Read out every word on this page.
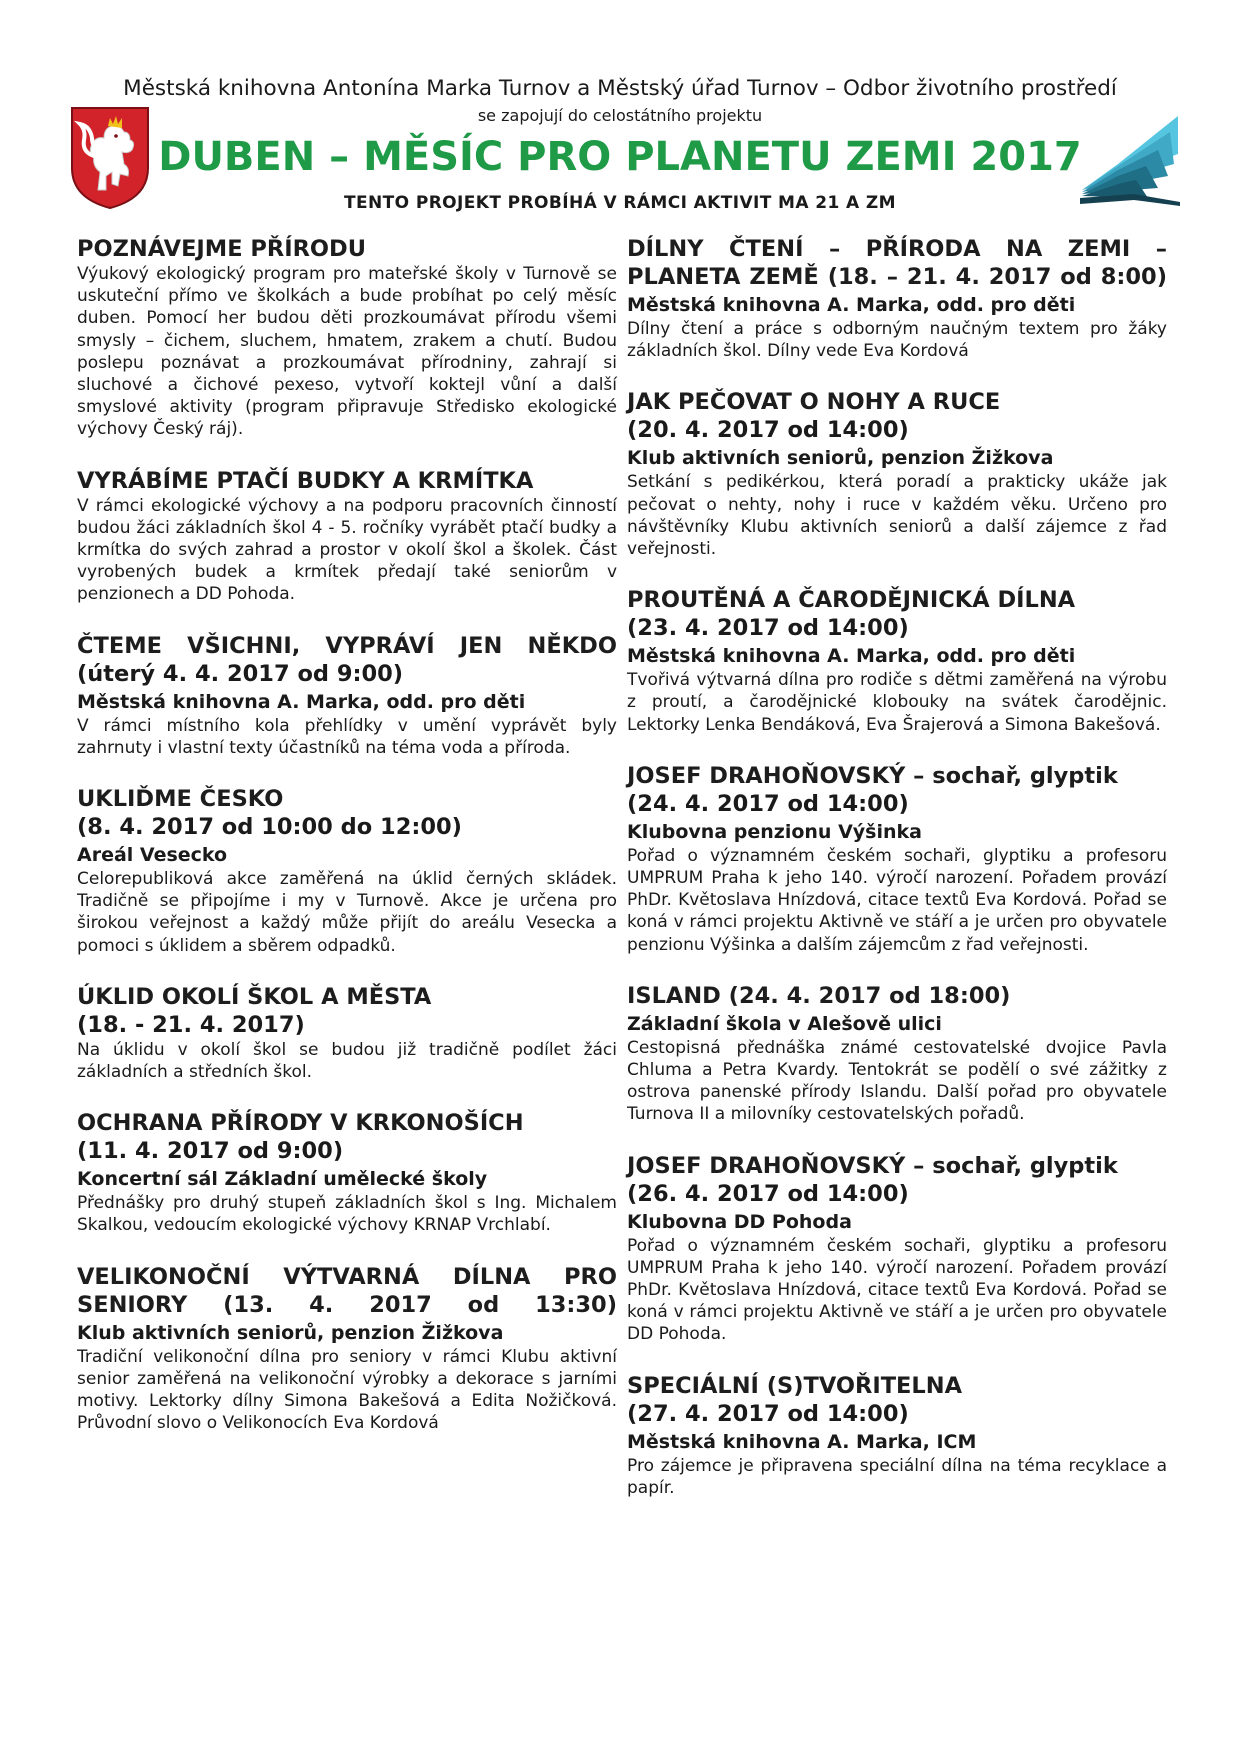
Městská knihovna Antonína Marka Turnov a Městský úřad Turnov – Odbor životního prostředí
se zapojují do celostátního projektu
DUBEN – MĚSÍC PRO PLANETU ZEMI 2017
TENTO PROJEKT PROBÍHÁ V RÁMCI AKTIVIT MA 21 A ZM
POZNÁVEJME PŘÍRODU
Výukový ekologický program pro mateřské školy v Turnově se uskuteční přímo ve školkách a bude probíhat po celý měsíc duben. Pomocí her budou děti prozkoumávat přírodu všemi smysly – čichem, sluchem, hmatem, zrakem a chutí. Budou poslepu poznávat a prozkoumávat přírodniny, zahrají si sluchové a čichové pexeso, vytvoří koktejl vůní a další smyslové aktivity (program připravuje Středisko ekologické výchovy Český ráj).
VYRÁBÍME PTAČÍ BUDKY A KRMÍTKA
V rámci ekologické výchovy a na podporu pracovních činností budou žáci základních škol 4 - 5. ročníky vyrábět ptačí budky a krmítka do svých zahrad a prostor v okolí škol a školek. Část vyrobených budek a krmítek předají také seniorům v penzionech a DD Pohoda.
ČTEME VŠICHNI, VYPRÁVÍ JEN NĚKDO
(úterý 4. 4. 2017 od 9:00)
Městská knihovna A. Marka, odd. pro děti
V rámci místního kola přehlídky v umění vyprávět byly zahrnuty i vlastní texty účastníků na téma voda a příroda.
UKLIĎME ČESKO
(8. 4. 2017 od 10:00 do 12:00)
Areál Vesecko
Celorepubliková akce zaměřená na úklid černých skládek. Tradičně se připojíme i my v Turnově. Akce je určena pro širokou veřejnost a každý může přijít do areálu Vesecka a pomoci s úklidem a sběrem odpadků.
ÚKLID OKOLÍ ŠKOL A MĚSTA
(18. - 21. 4. 2017)
Na úklidu v okolí škol se budou již tradičně podílet žáci základních a středních škol.
OCHRANA PŘÍRODY V KRKONOŠÍCH
(11. 4. 2017 od 9:00)
Koncertní sál Základní umělecké školy
Přednášky pro druhý stupeň základních škol s Ing. Michalem Skalkou, vedoucím ekologické výchovy KRNAP Vrchlabí.
VELIKONOČNÍ VÝTVARNÁ DÍLNA PRO SENIORY (13. 4. 2017 od 13:30)
Klub aktivních seniorů, penzion Žižkova
Tradiční velikonoční dílna pro seniory v rámci Klubu aktivní senior zaměřená na velikonoční výrobky a dekorace s jarními motivy. Lektorky dílny Simona Bakešová a Edita Nožičková. Průvodní slovo o Velikonocích Eva Kordová
DÍLNY ČTENÍ – PŘÍRODA NA ZEMI – PLANETA ZEMĚ (18. – 21. 4. 2017 od 8:00)
Městská knihovna A. Marka, odd. pro děti
Dílny čtení a práce s odborným naučným textem pro žáky základních škol. Dílny vede Eva Kordová
JAK PEČOVAT O NOHY A RUCE
(20. 4. 2017 od 14:00)
Klub aktivních seniorů, penzion Žižkova
Setkání s pedikérkou, která poradí a prakticky ukáže jak pečovat o nehty, nohy i ruce v každém věku. Určeno pro návštěvníky Klubu aktivních seniorů a další zájemce z řad veřejnosti.
PROUTĚNÁ A ČARODĚJNICKÁ DÍLNA
(23. 4. 2017 od 14:00)
Městská knihovna A. Marka, odd. pro děti
Tvořivá výtvarná dílna pro rodiče s dětmi zaměřená na výrobu z proutí, a čarodějnické klobouky na svátek čarodějnic. Lektorky Lenka Bendáková, Eva Šrajerová a Simona Bakešová.
JOSEF DRAHOŇOVSKÝ – sochař, glyptik
(24. 4. 2017 od 14:00)
Klubovna penzionu Výšinka
Pořad o významném českém sochaři, glyptiku a profesoru UMPRUM Praha k jeho 140. výročí narození. Pořadem provází PhDr. Květoslava Hnízdová, citace textů Eva Kordová. Pořad se koná v rámci projektu Aktivně ve stáří a je určen pro obyvatele penzionu Výšinka a dalším zájemcům z řad veřejnosti.
ISLAND (24. 4. 2017 od 18:00)
Základní škola v Alešově ulici
Cestopisná přednáška známé cestovatelské dvojice Pavla Chluma a Petra Kvardy. Tentokrát se podělí o své zážitky z ostrova panenské přírody Islandu. Další pořad pro obyvatele Turnova II a milovníky cestovatelských pořadů.
JOSEF DRAHOŇOVSKÝ – sochař, glyptik
(26. 4. 2017 od 14:00)
Klubovna DD Pohoda
Pořad o významném českém sochaři, glyptiku a profesoru UMPRUM Praha k jeho 140. výročí narození. Pořadem provází PhDr. Květoslava Hnízdová, citace textů Eva Kordová. Pořad se koná v rámci projektu Aktivně ve stáří a je určen pro obyvatele DD Pohoda.
SPECIÁLNÍ (S)TVOŘITELNA
(27. 4. 2017 od 14:00)
Městská knihovna A. Marka, ICM
Pro zájemce je připravena speciální dílna na téma recyklace a papír.
